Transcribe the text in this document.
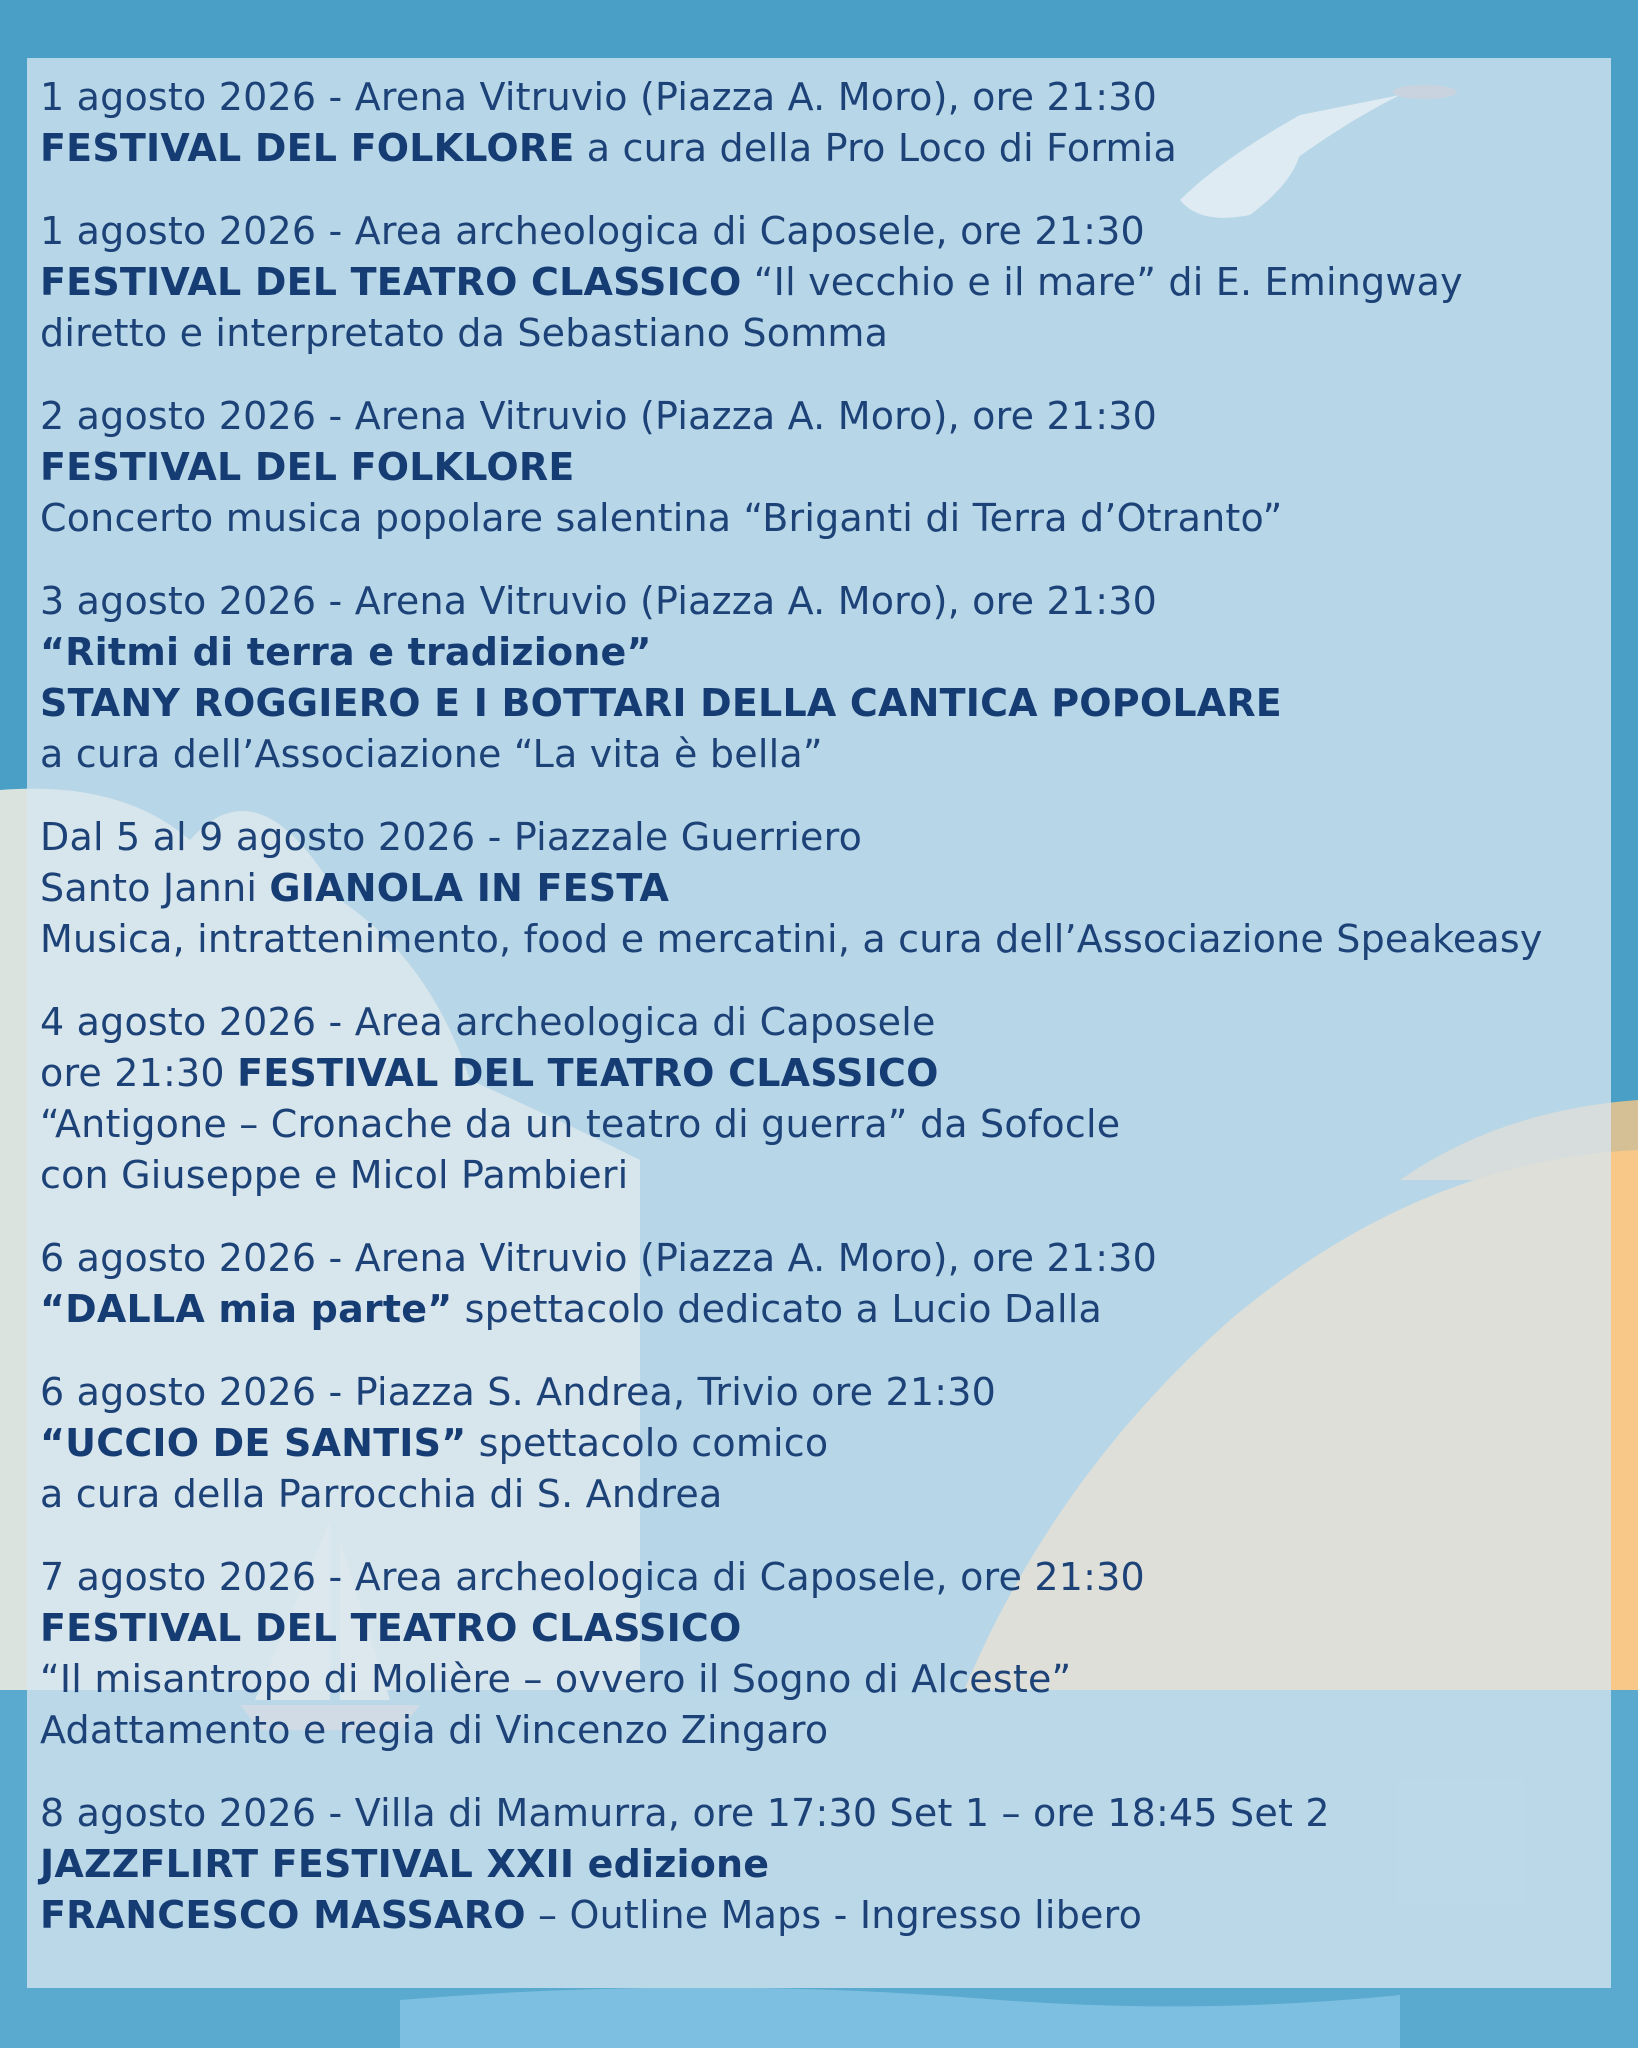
1 agosto 2026 - Arena Vitruvio (Piazza A. Moro), ore 21:30
FESTIVAL DEL FOLKLORE a cura della Pro Loco di Formia
1 agosto 2026 - Area archeologica di Caposele, ore 21:30
FESTIVAL DEL TEATRO CLASSICO “Il vecchio e il mare” di E. Emingway
diretto e interpretato da Sebastiano Somma
2 agosto 2026 - Arena Vitruvio (Piazza A. Moro), ore 21:30
FESTIVAL DEL FOLKLORE
Concerto musica popolare salentina “Briganti di Terra d’Otranto”
3 agosto 2026 - Arena Vitruvio (Piazza A. Moro), ore 21:30
“Ritmi di terra e tradizione”
STANY ROGGIERO E I BOTTARI DELLA CANTICA POPOLARE
a cura dell’Associazione “La vita è bella”
Dal 5 al 9 agosto 2026 - Piazzale Guerriero
Santo Janni GIANOLA IN FESTA
Musica, intrattenimento, food e mercatini, a cura dell’Associazione Speakeasy
4 agosto 2026 - Area archeologica di Caposele
ore 21:30 FESTIVAL DEL TEATRO CLASSICO
“Antigone – Cronache da un teatro di guerra” da Sofocle
con Giuseppe e Micol Pambieri
6 agosto 2026 - Arena Vitruvio (Piazza A. Moro), ore 21:30
“DALLA mia parte” spettacolo dedicato a Lucio Dalla
6 agosto 2026 - Piazza S. Andrea, Trivio ore 21:30
“UCCIO DE SANTIS” spettacolo comico
a cura della Parrocchia di S. Andrea
7 agosto 2026 - Area archeologica di Caposele, ore 21:30
FESTIVAL DEL TEATRO CLASSICO
“Il misantropo di Molière – ovvero il Sogno di Alceste”
Adattamento e regia di Vincenzo Zingaro
8 agosto 2026 - Villa di Mamurra, ore 17:30 Set 1 – ore 18:45 Set 2
JAZZFLIRT FESTIVAL XXII edizione
FRANCESCO MASSARO – Outline Maps - Ingresso libero
